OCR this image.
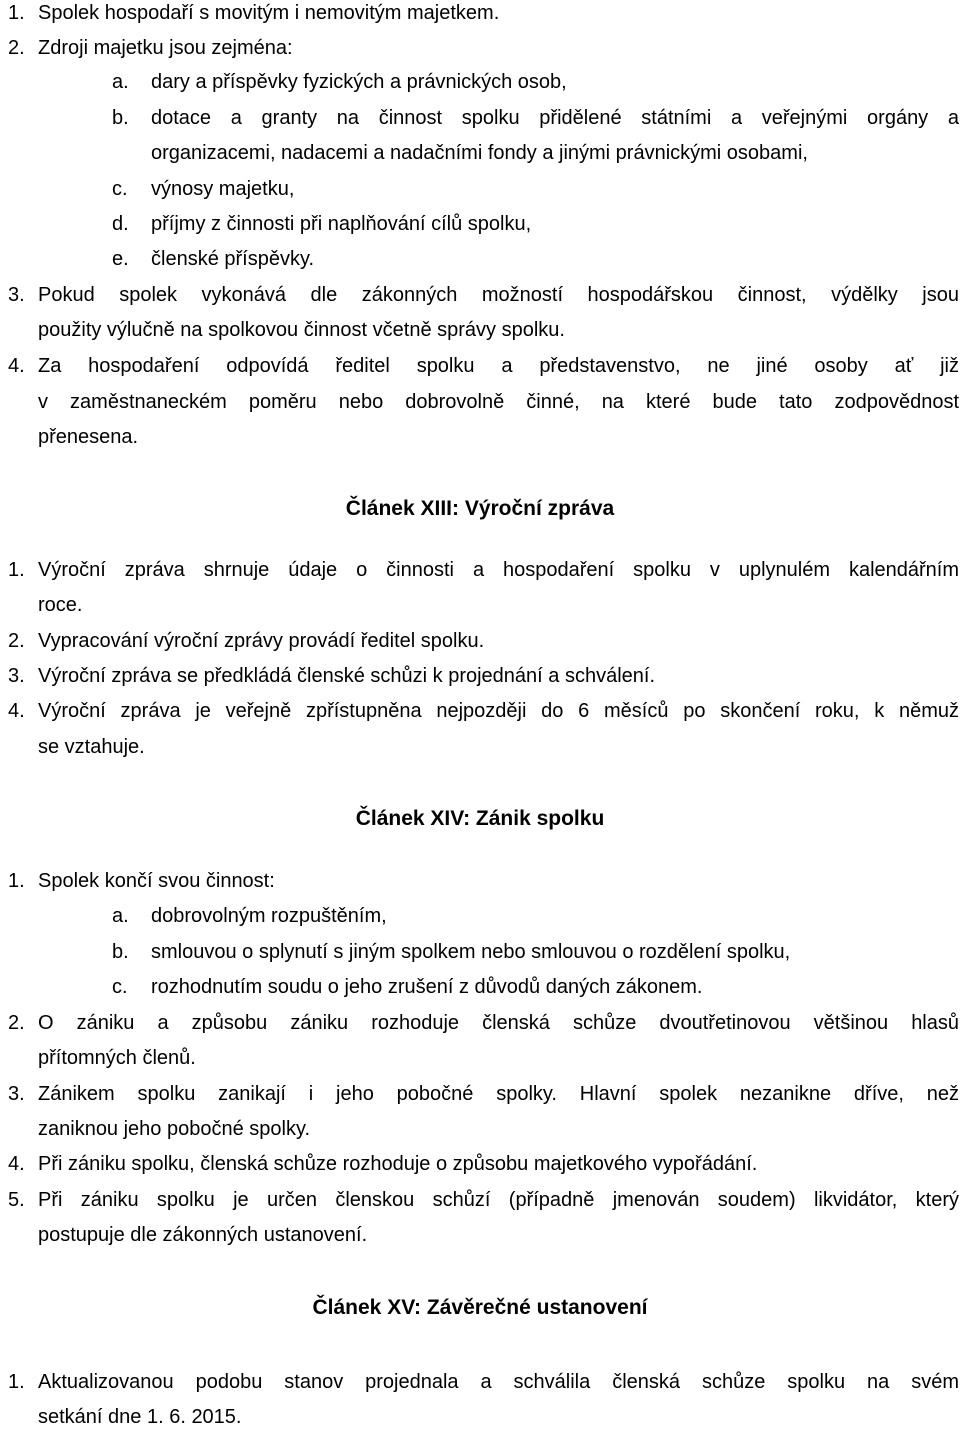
1. Spolek hospodaří s movitým i nemovitým majetkem.
2. Zdroji majetku jsou zejména:
a. dary a příspěvky fyzických a právnických osob,
b. dotace a granty na činnost spolku přidělené státními a veřejnými orgány a
organizacemi, nadacemi a nadačními fondy a jinými právnickými osobami,
c. výnosy majetku,
d. příjmy z činnosti při naplňování cílů spolku,
e. členské příspěvky.
3. Pokud spolek vykonává dle zákonných možností hospodářskou činnost, výdělky jsou
použity výlučně na spolkovou činnost včetně správy spolku.
4. Za hospodaření odpovídá ředitel spolku a představenstvo, ne jiné osoby ať již
v zaměstnaneckém poměru nebo dobrovolně činné, na které bude tato zodpovědnost
přenesena.
Článek XIII: Výroční zpráva
1. Výroční zpráva shrnuje údaje o činnosti a hospodaření spolku v uplynulém kalendářním
roce.
2. Vypracování výroční zprávy provádí ředitel spolku.
3. Výroční zpráva se předkládá členské schůzi k projednání a schválení.
4. Výroční zpráva je veřejně zpřístupněna nejpozději do 6 měsíců po skončení roku, k němuž
se vztahuje.
Článek XIV: Zánik spolku
1. Spolek končí svou činnost:
a. dobrovolným rozpuštěním,
b. smlouvou o splynutí s jiným spolkem nebo smlouvou o rozdělení spolku,
c. rozhodnutím soudu o jeho zrušení z důvodů daných zákonem.
2. O zániku a způsobu zániku rozhoduje členská schůze dvoutřetinovou většinou hlasů
přítomných členů.
3. Zánikem spolku zanikají i jeho pobočné spolky. Hlavní spolek nezanikne dříve, než
zaniknou jeho pobočné spolky.
4. Při zániku spolku, členská schůze rozhoduje o způsobu majetkového vypořádání.
5. Při zániku spolku je určen členskou schůzí (případně jmenován soudem) likvidátor, který
postupuje dle zákonných ustanovení.
Článek XV: Závěrečné ustanovení
1. Aktualizovanou podobu stanov projednala a schválila členská schůze spolku na svém
setkání dne 1. 6. 2015.
